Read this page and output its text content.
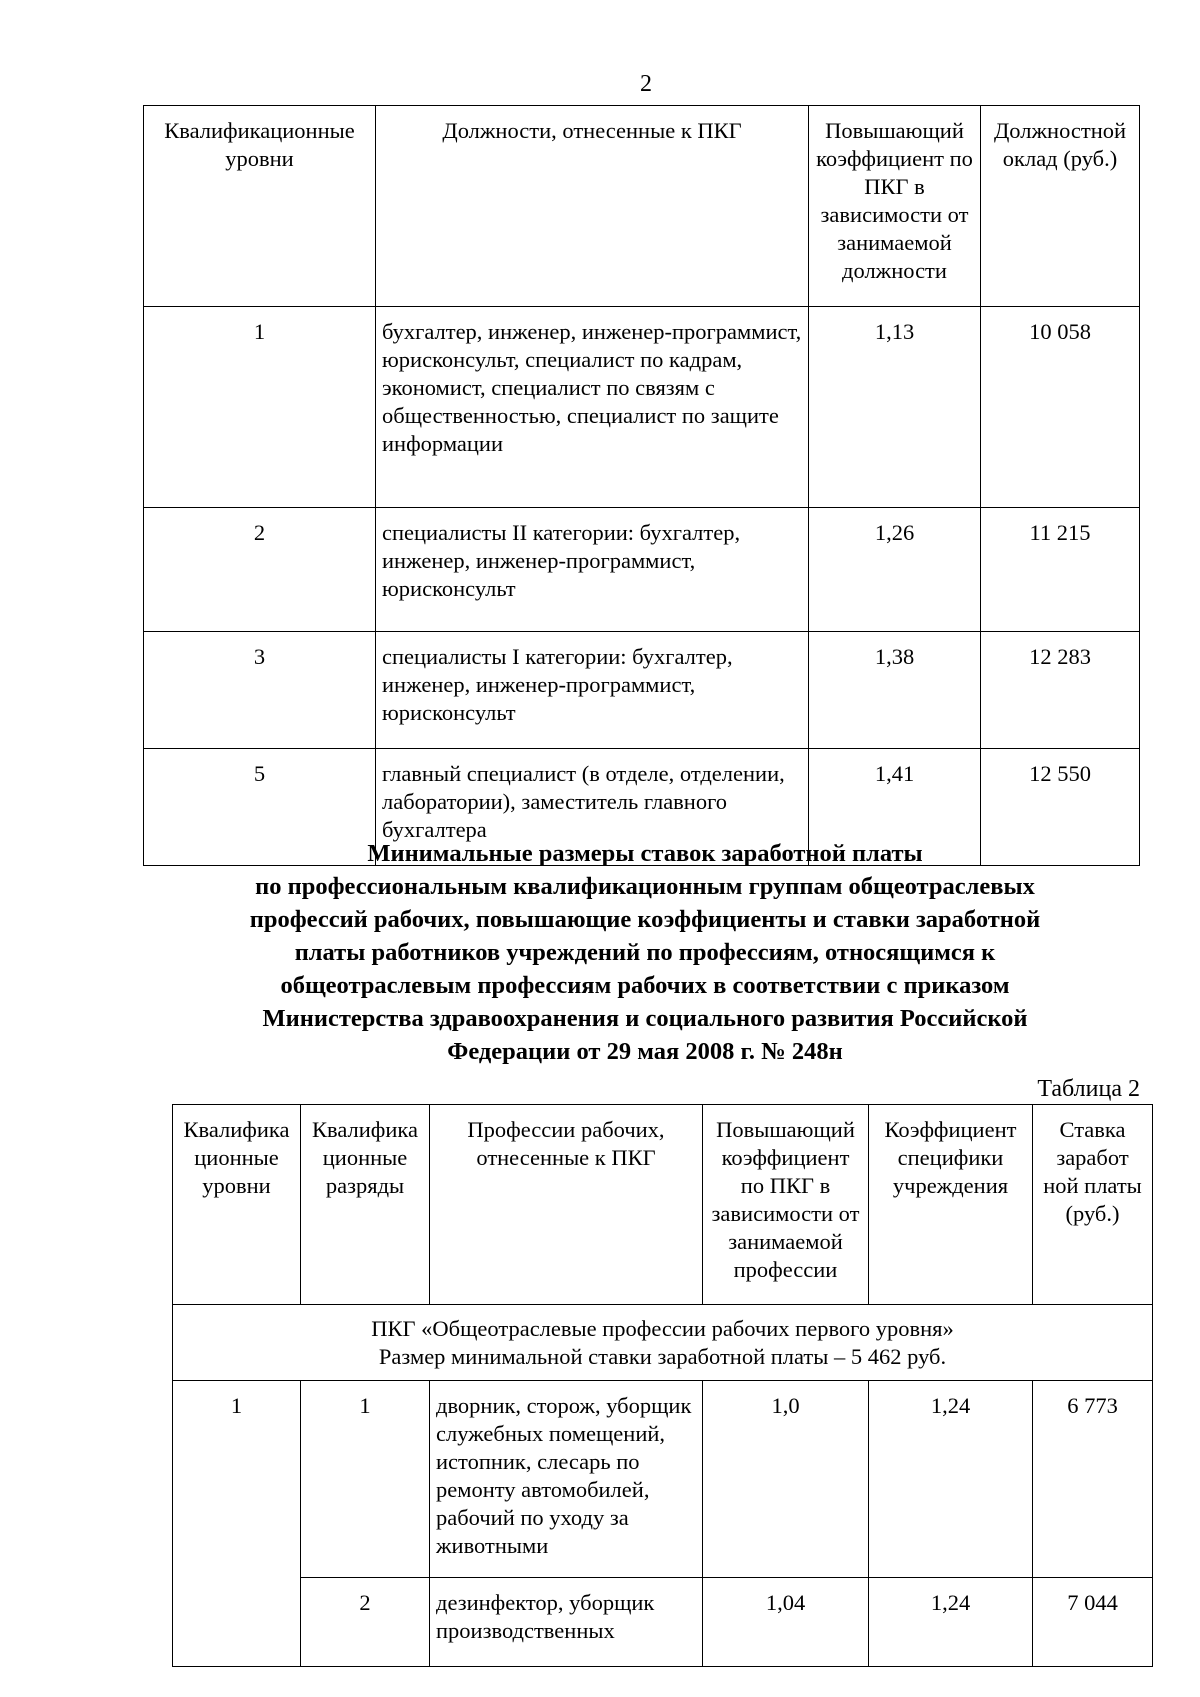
2
Квалификационные уровни	Должности, отнесенные к ПКГ	Повышающий коэффициент по ПКГ в зависимости от занимаемой должности	Должностной оклад (руб.)
1	бухгалтер, инженер, инженер-программист, юрисконсульт, специалист по кадрам, экономист, специалист по связям с общественностью, специалист по защите информации	1,13	10 058
2	специалисты II категории: бухгалтер, инженер, инженер-программист, юрисконсульт	1,26	11 215
3	специалисты I категории: бухгалтер, инженер, инженер-программист, юрисконсульт	1,38	12 283
5	главный специалист (в отделе, отделении, лаборатории), заместитель главного бухгалтера	1,41	12 550
Минимальные размеры ставок заработной платы
по профессиональным квалификационным группам общеотраслевых
профессий рабочих, повышающие коэффициенты и ставки заработной
платы работников учреждений по профессиям, относящимся к
общеотраслевым профессиям рабочих в соответствии с приказом
Министерства здравоохранения и социального развития Российской
Федерации от 29 мая 2008 г. № 248н
Таблица 2
Квалифика ционные уровни	Квалифика ционные разряды	Профессии рабочих, отнесенные к ПКГ	Повышающий коэффициент по ПКГ в зависимости от занимаемой профессии	Коэффициент специфики учреждения	Ставка заработ ной платы (руб.)

ПКГ «Общеотраслевые профессии рабочих первого уровня»
Размер минимальной ставки заработной платы – 5 462 руб.					

1	1	дворник, сторож, уборщик служебных помещений, истопник, слесарь по ремонту автомобилей, рабочий по уходу за животными	1,0	1,24	6 773
	2	дезинфектор, уборщик производственных	1,04	1,24	7 044
